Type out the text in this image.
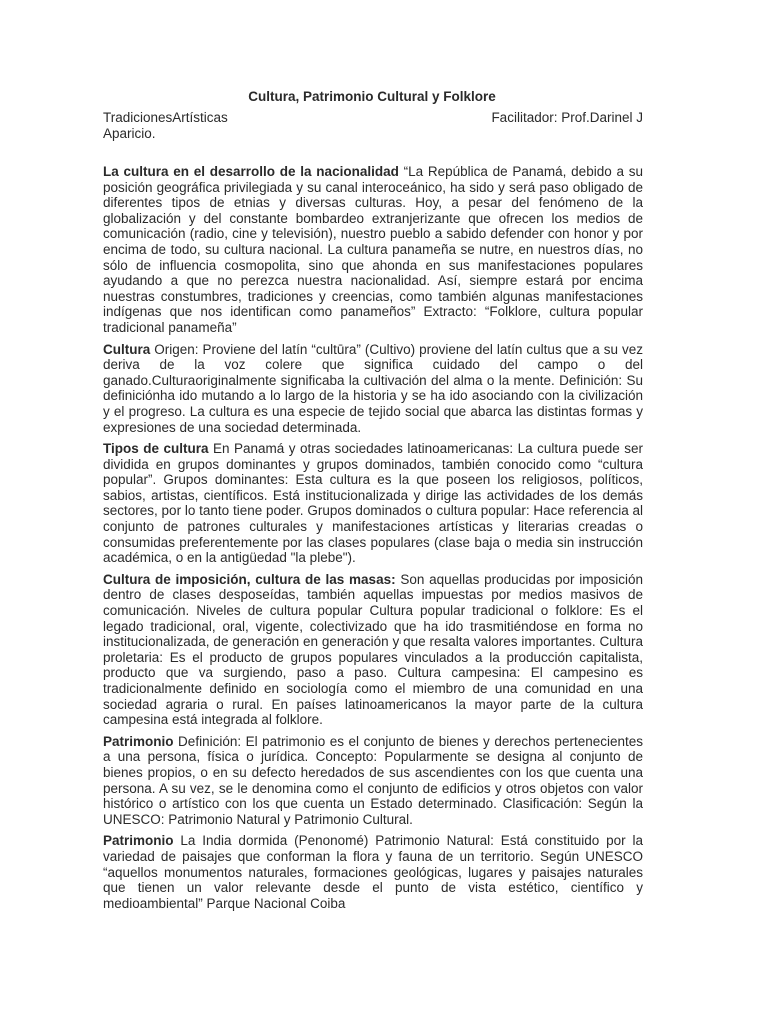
Cultura, Patrimonio Cultural y Folklore
TradicionesArtísticas	Facilitador: Prof.Darinel J
Aparicio.

La cultura en el desarrollo de la nacionalidad “La República de Panamá, debido a su posición geográfica privilegiada y su canal interoceánico, ha sido y será paso obligado de diferentes tipos de etnias y diversas culturas. Hoy, a pesar del fenómeno de la globalización y del constante bombardeo extranjerizante que ofrecen los medios de comunicación (radio, cine y televisión), nuestro pueblo a sabido defender con honor y por encima de todo, su cultura nacional. La cultura panameña se nutre, en nuestros días, no sólo de influencia cosmopolita, sino que ahonda en sus manifestaciones populares ayudando a que no perezca nuestra nacionalidad. Así, siempre estará por encima nuestras constumbres, tradiciones y creencias, como también algunas manifestaciones indígenas que nos identifican como panameños” Extracto: “Folklore, cultura popular tradicional panameña”

Cultura Origen: Proviene del latín “cultūra” (Cultivo) proviene del latín cultus que a su vez deriva de la voz colere que significa cuidado del campo o del ganado.Culturaoriginalmente significaba la cultivación del alma o la mente. Definición: Su definiciónha ido mutando a lo largo de la historia y se ha ido asociando con la civilización y el progreso. La cultura es una especie de tejido social que abarca las distintas formas y expresiones de una sociedad determinada.

Tipos de cultura En Panamá y otras sociedades latinoamericanas: La cultura puede ser dividida en grupos dominantes y grupos dominados, también conocido como “cultura popular”. Grupos dominantes: Esta cultura es la que poseen los religiosos, políticos, sabios, artistas, científicos. Está institucionalizada y dirige las actividades de los demás sectores, por lo tanto tiene poder. Grupos dominados o cultura popular: Hace referencia al conjunto de patrones culturales y manifestaciones artísticas y literarias creadas o consumidas preferentemente por las clases populares (clase baja o media sin instrucción académica, o en la antigüedad "la plebe").

Cultura de imposición, cultura de las masas: Son aquellas producidas por imposición dentro de clases desposeídas, también aquellas impuestas por medios masivos de comunicación. Niveles de cultura popular Cultura popular tradicional o folklore: Es el legado tradicional, oral, vigente, colectivizado que ha ido trasmitiéndose en forma no institucionalizada, de generación en generación y que resalta valores importantes. Cultura proletaria: Es el producto de grupos populares vinculados a la producción capitalista, producto que va surgiendo, paso a paso. Cultura campesina: El campesino es tradicionalmente definido en sociología como el miembro de una comunidad en una sociedad agraria o rural. En países latinoamericanos la mayor parte de la cultura campesina está integrada al folklore.

Patrimonio Definición: El patrimonio es el conjunto de bienes y derechos pertenecientes a una persona, física o jurídica. Concepto: Popularmente se designa al conjunto de bienes propios, o en su defecto heredados de sus ascendientes con los que cuenta una persona. A su vez, se le denomina como el conjunto de edificios y otros objetos con valor histórico o artístico con los que cuenta un Estado determinado. Clasificación: Según la UNESCO: Patrimonio Natural y Patrimonio Cultural.

Patrimonio La India dormida (Penonomé) Patrimonio Natural: Está constituido por la variedad de paisajes que conforman la flora y fauna de un territorio. Según UNESCO “aquellos monumentos naturales, formaciones geológicas, lugares y paisajes naturales que tienen un valor relevante desde el punto de vista estético, científico y medioambiental” Parque Nacional Coiba
